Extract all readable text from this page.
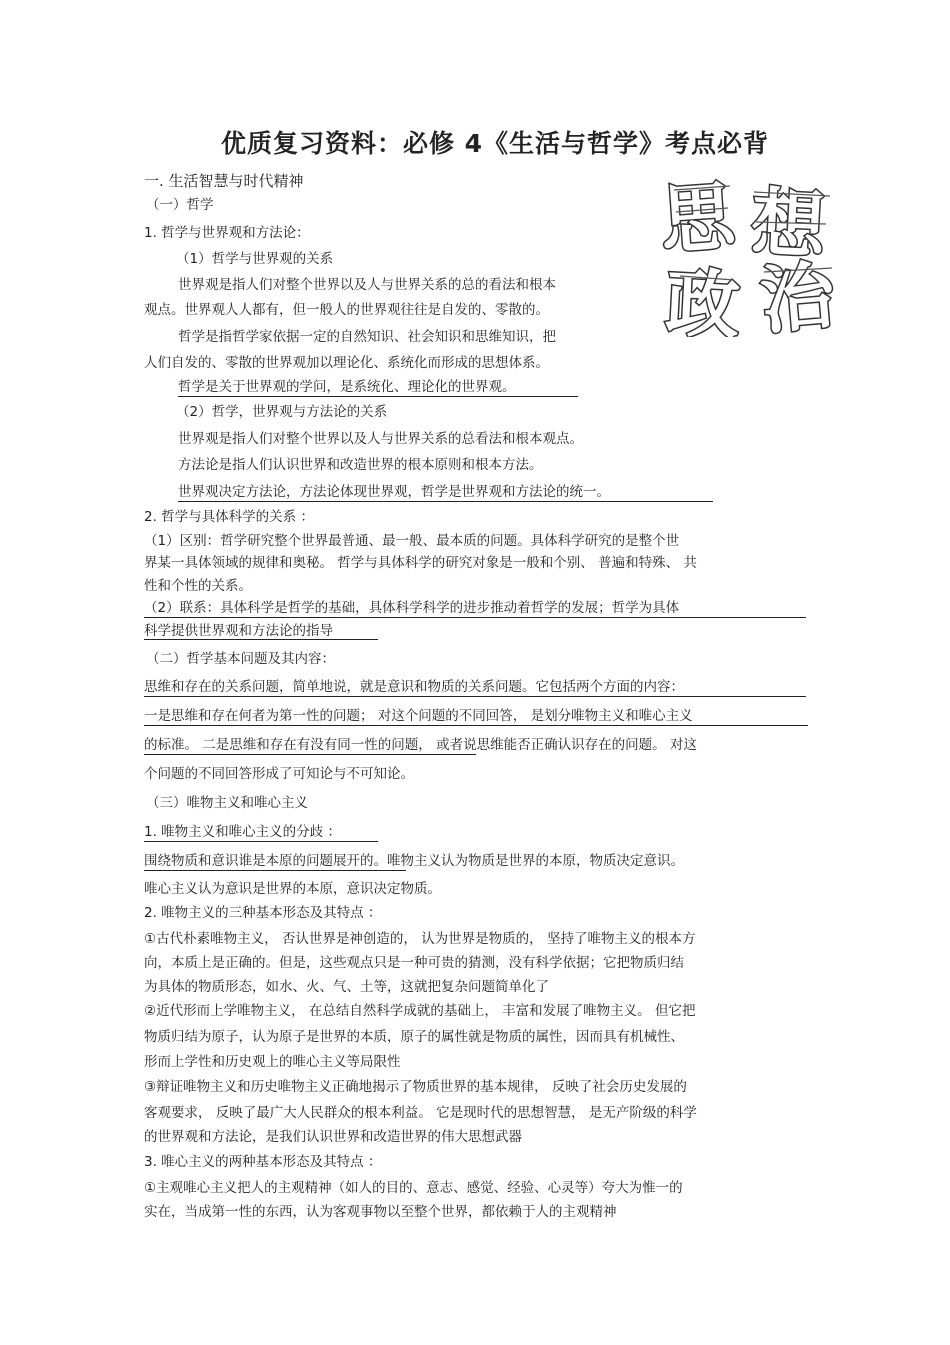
优质复习资料：必修 4《生活与哲学》考点必背
思 想
政 治
一. 生活智慧与时代精神
（一）哲学
1. 哲学与世界观和方法论：
（1）哲学与世界观的关系
世界观是指人们对整个世界以及人与世界关系的总的看法和根本
观点。世界观人人都有，但一般人的世界观往往是自发的、零散的。
哲学是指哲学家依据一定的自然知识、社会知识和思维知识，把
人们自发的、零散的世界观加以理论化、系统化而形成的思想体系。
哲学是关于世界观的学问，是系统化、理论化的世界观。
（2）哲学，世界观与方法论的关系
世界观是指人们对整个世界以及人与世界关系的总看法和根本观点。
方法论是指人们认识世界和改造世界的根本原则和根本方法。
世界观决定方法论，方法论体现世界观，哲学是世界观和方法论的统一。
2. 哲学与具体科学的关系 ：
（1）区别：哲学研究整个世界最普通、最一般、最本质的问题。具体科学研究的是整个世
界某一具体领域的规律和奥秘。 哲学与具体科学的研究对象是一般和个别、 普遍和特殊、 共
性和个性的关系。
（2）联系：具体科学是哲学的基础，具体科学科学的进步推动着哲学的发展；哲学为具体
科学提供世界观和方法论的指导
（二）哲学基本问题及其内容：
思维和存在的关系问题，简单地说，就是意识和物质的关系问题。它包括两个方面的内容：
一是思维和存在何者为第一性的问题； 对这个问题的不同回答， 是划分唯物主义和唯心主义
的标准。 二是思维和存在有没有同一性的问题， 或者说思维能否正确认识存在的问题。 对这
个问题的不同回答形成了可知论与不可知论。
（三）唯物主义和唯心主义
1. 唯物主义和唯心主义的分歧 ：
围绕物质和意识谁是本原的问题展开的。唯物主义认为物质是世界的本原，物质决定意识。
唯心主义认为意识是世界的本原，意识决定物质。
2. 唯物主义的三种基本形态及其特点 ：
①古代朴素唯物主义， 否认世界是神创造的， 认为世界是物质的， 坚持了唯物主义的根本方
向，本质上是正确的。但是，这些观点只是一种可贵的猜测，没有科学依据；它把物质归结
为具体的物质形态，如水、火、气、土等，这就把复杂问题简单化了
②近代形而上学唯物主义， 在总结自然科学成就的基础上， 丰富和发展了唯物主义。 但它把
物质归结为原子，认为原子是世界的本质，原子的属性就是物质的属性，因而具有机械性、
形而上学性和历史观上的唯心主义等局限性
③辩证唯物主义和历史唯物主义正确地揭示了物质世界的基本规律， 反映了社会历史发展的
客观要求， 反映了最广大人民群众的根本利益。 它是现时代的思想智慧， 是无产阶级的科学
的世界观和方法论，是我们认识世界和改造世界的伟大思想武器
3. 唯心主义的两种基本形态及其特点 ：
①主观唯心主义把人的主观精神（如人的目的、意志、感觉、经验、心灵等）夸大为惟一的
实在，当成第一性的东西，认为客观事物以至整个世界，都依赖于人的主观精神
